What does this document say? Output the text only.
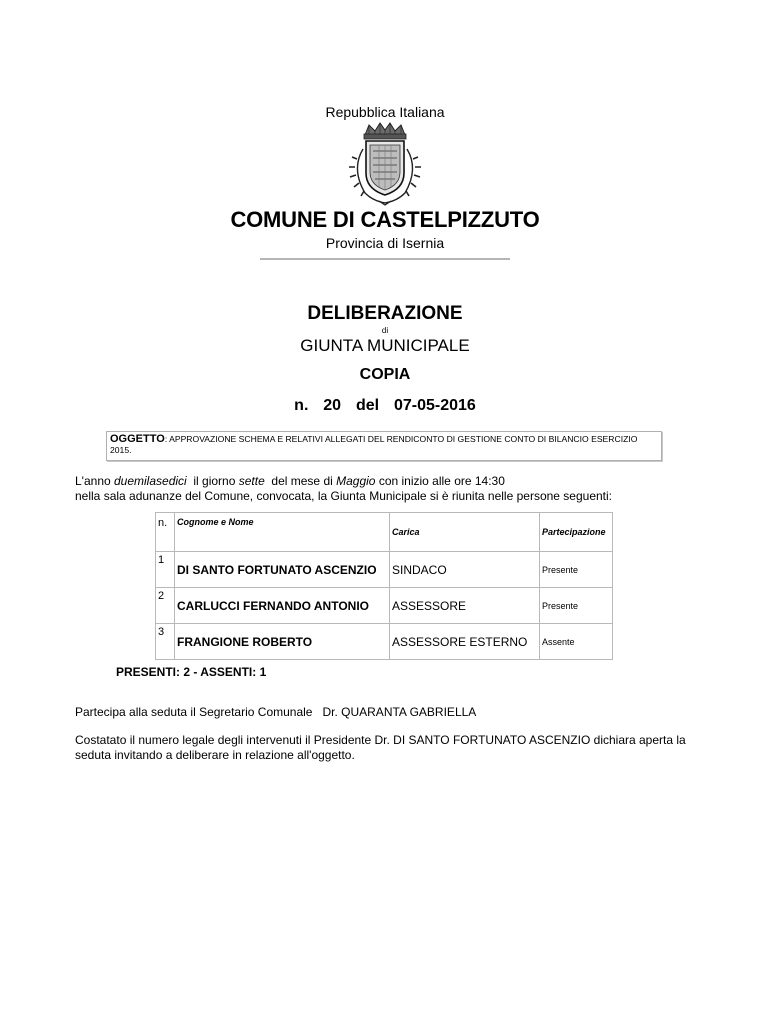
Repubblica Italiana
COMUNE DI CASTELPIZZUTO
Provincia di Isernia
DELIBERAZIONE
di
GIUNTA MUNICIPALE
COPIA
n.  20  del  07-05-2016
OGGETTO: APPROVAZIONE SCHEMA E RELATIVI ALLEGATI DEL RENDICONTO DI GESTIONE CONTO DI BILANCIO ESERCIZIO 2015.
L'anno duemilasedici  il giorno sette  del mese di Maggio con inizio alle ore 14:30
nella sala adunanze del Comune, convocata, la Giunta Municipale si è riunita nelle persone seguenti:
n.	Cognome e Nome	Carica	Partecipazione
1	DI SANTO FORTUNATO ASCENZIO	SINDACO	Presente
2	CARLUCCI FERNANDO ANTONIO	ASSESSORE	Presente
3	FRANGIONE ROBERTO	ASSESSORE ESTERNO	Assente
PRESENTI: 2 - ASSENTI: 1
Partecipa alla seduta il Segretario Comunale   Dr. QUARANTA GABRIELLA
Costatato il numero legale degli intervenuti il Presidente Dr. DI SANTO FORTUNATO ASCENZIO dichiara aperta la seduta invitando a deliberare in relazione all'oggetto.
